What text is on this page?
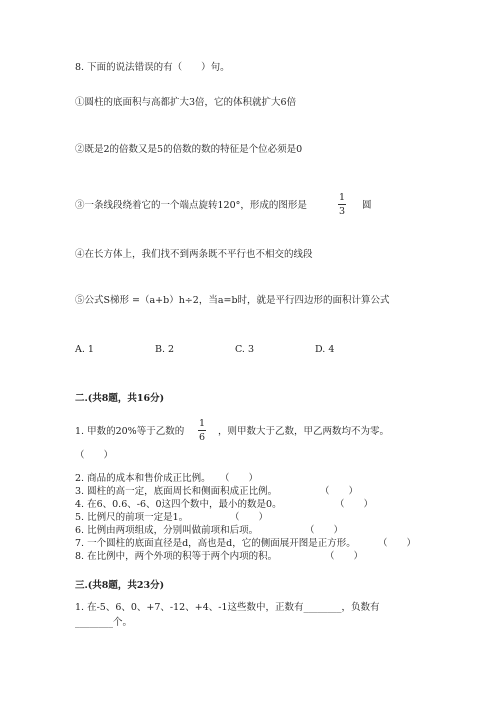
8. 下面的说法错误的有（　　）句。
①圆柱的底面积与高都扩大3倍，它的体积就扩大6倍
②既是2的倍数又是5的倍数的数的特征是个位必须是0
③一条线段绕着它的一个端点旋转120°，形成的图形是
1
3
圆
④在长方体上，我们找不到两条既不平行也不相交的线段
⑤公式S梯形 =（a+b）h÷2，当a=b时，就是平行四边形的面积计算公式
A. 1	B. 2	C. 3	D. 4
二.(共8题，共16分)
1. 甲数的20%等于乙数的
1
6
，则甲数大于乙数，甲乙两数均不为零。
（　　）
2. 商品的成本和售价成正比例。 （　　）
3. 圆柱的高一定，底面周长和侧面积成正比例。	（　　）
4. 在6、0.6、-6、0这四个数中，最小的数是0。	（　　）
5. 比例尺的前项一定是1。	（　　）
6. 比例由两项组成，分别叫做前项和后项。	（　　）
7. 一个圆柱的底面直径是d，高也是d，它的侧面展开图是正方形。 （　　）
8. 在比例中，两个外项的积等于两个内项的积。	（　　）
三.(共8题，共23分)
1. 在-5、6、0、+7、-12、+4、-1这些数中，正数有________，负数有
________个。
